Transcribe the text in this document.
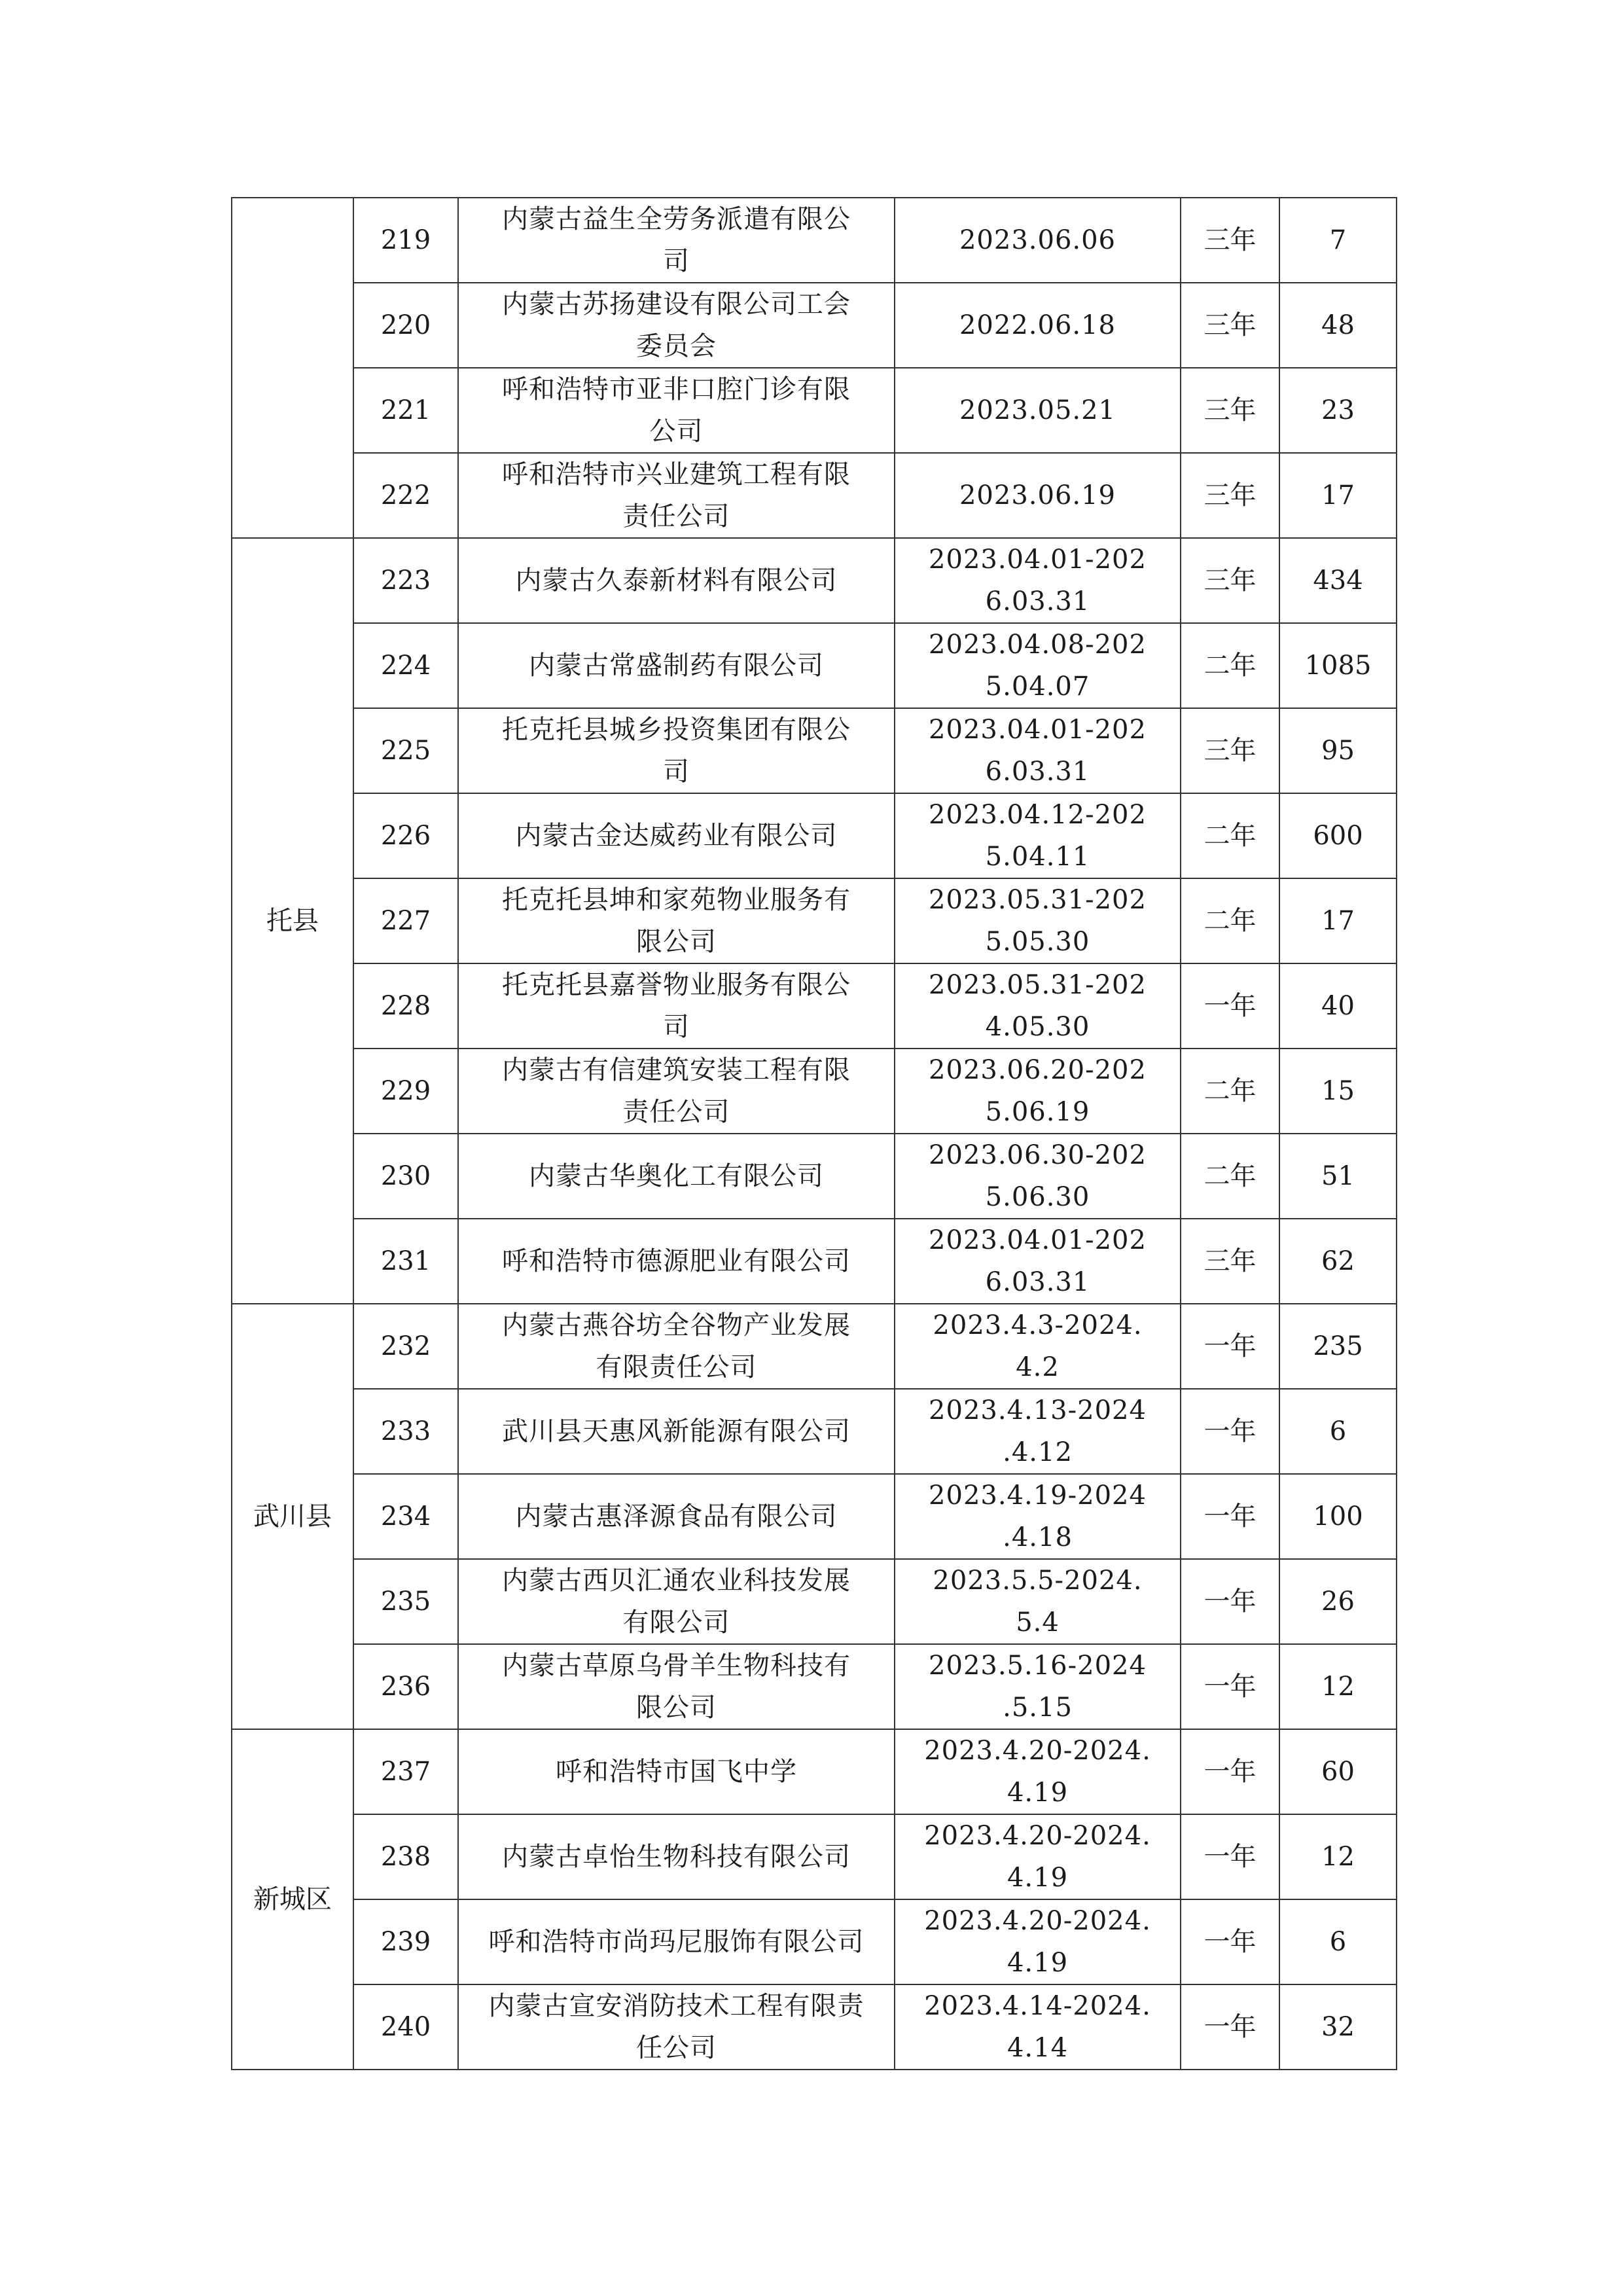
	219	内蒙古益生全劳务派遣有限公
司	2023.06.06	三年	7
	220	内蒙古苏扬建设有限公司工会
委员会	2022.06.18	三年	48
	221	呼和浩特市亚非口腔门诊有限
公司	2023.05.21	三年	23
	222	呼和浩特市兴业建筑工程有限
责任公司	2023.06.19	三年	17
托县	223	内蒙古久泰新材料有限公司	2023.04.01-202
6.03.31	三年	434
	224	内蒙古常盛制药有限公司	2023.04.08-202
5.04.07	二年	1085
	225	托克托县城乡投资集团有限公
司	2023.04.01-202
6.03.31	三年	95
	226	内蒙古金达威药业有限公司	2023.04.12-202
5.04.11	二年	600
	227	托克托县坤和家苑物业服务有
限公司	2023.05.31-202
5.05.30	二年	17
	228	托克托县嘉誉物业服务有限公
司	2023.05.31-202
4.05.30	一年	40
	229	内蒙古有信建筑安装工程有限
责任公司	2023.06.20-202
5.06.19	二年	15
	230	内蒙古华奥化工有限公司	2023.06.30-202
5.06.30	二年	51
	231	呼和浩特市德源肥业有限公司	2023.04.01-202
6.03.31	三年	62
武川县	232	内蒙古燕谷坊全谷物产业发展
有限责任公司	2023.4.3-2024.
4.2	一年	235
	233	武川县天惠风新能源有限公司	2023.4.13-2024
.4.12	一年	6
	234	内蒙古惠泽源食品有限公司	2023.4.19-2024
.4.18	一年	100
	235	内蒙古西贝汇通农业科技发展
有限公司	2023.5.5-2024.
5.4	一年	26
	236	内蒙古草原乌骨羊生物科技有
限公司	2023.5.16-2024
.5.15	一年	12
新城区	237	呼和浩特市国飞中学	2023.4.20-2024.
4.19	一年	60
	238	内蒙古卓怡生物科技有限公司	2023.4.20-2024.
4.19	一年	12
	239	呼和浩特市尚玛尼服饰有限公司	2023.4.20-2024.
4.19	一年	6
	240	内蒙古宣安消防技术工程有限责
任公司	2023.4.14-2024.
4.14	一年	32
